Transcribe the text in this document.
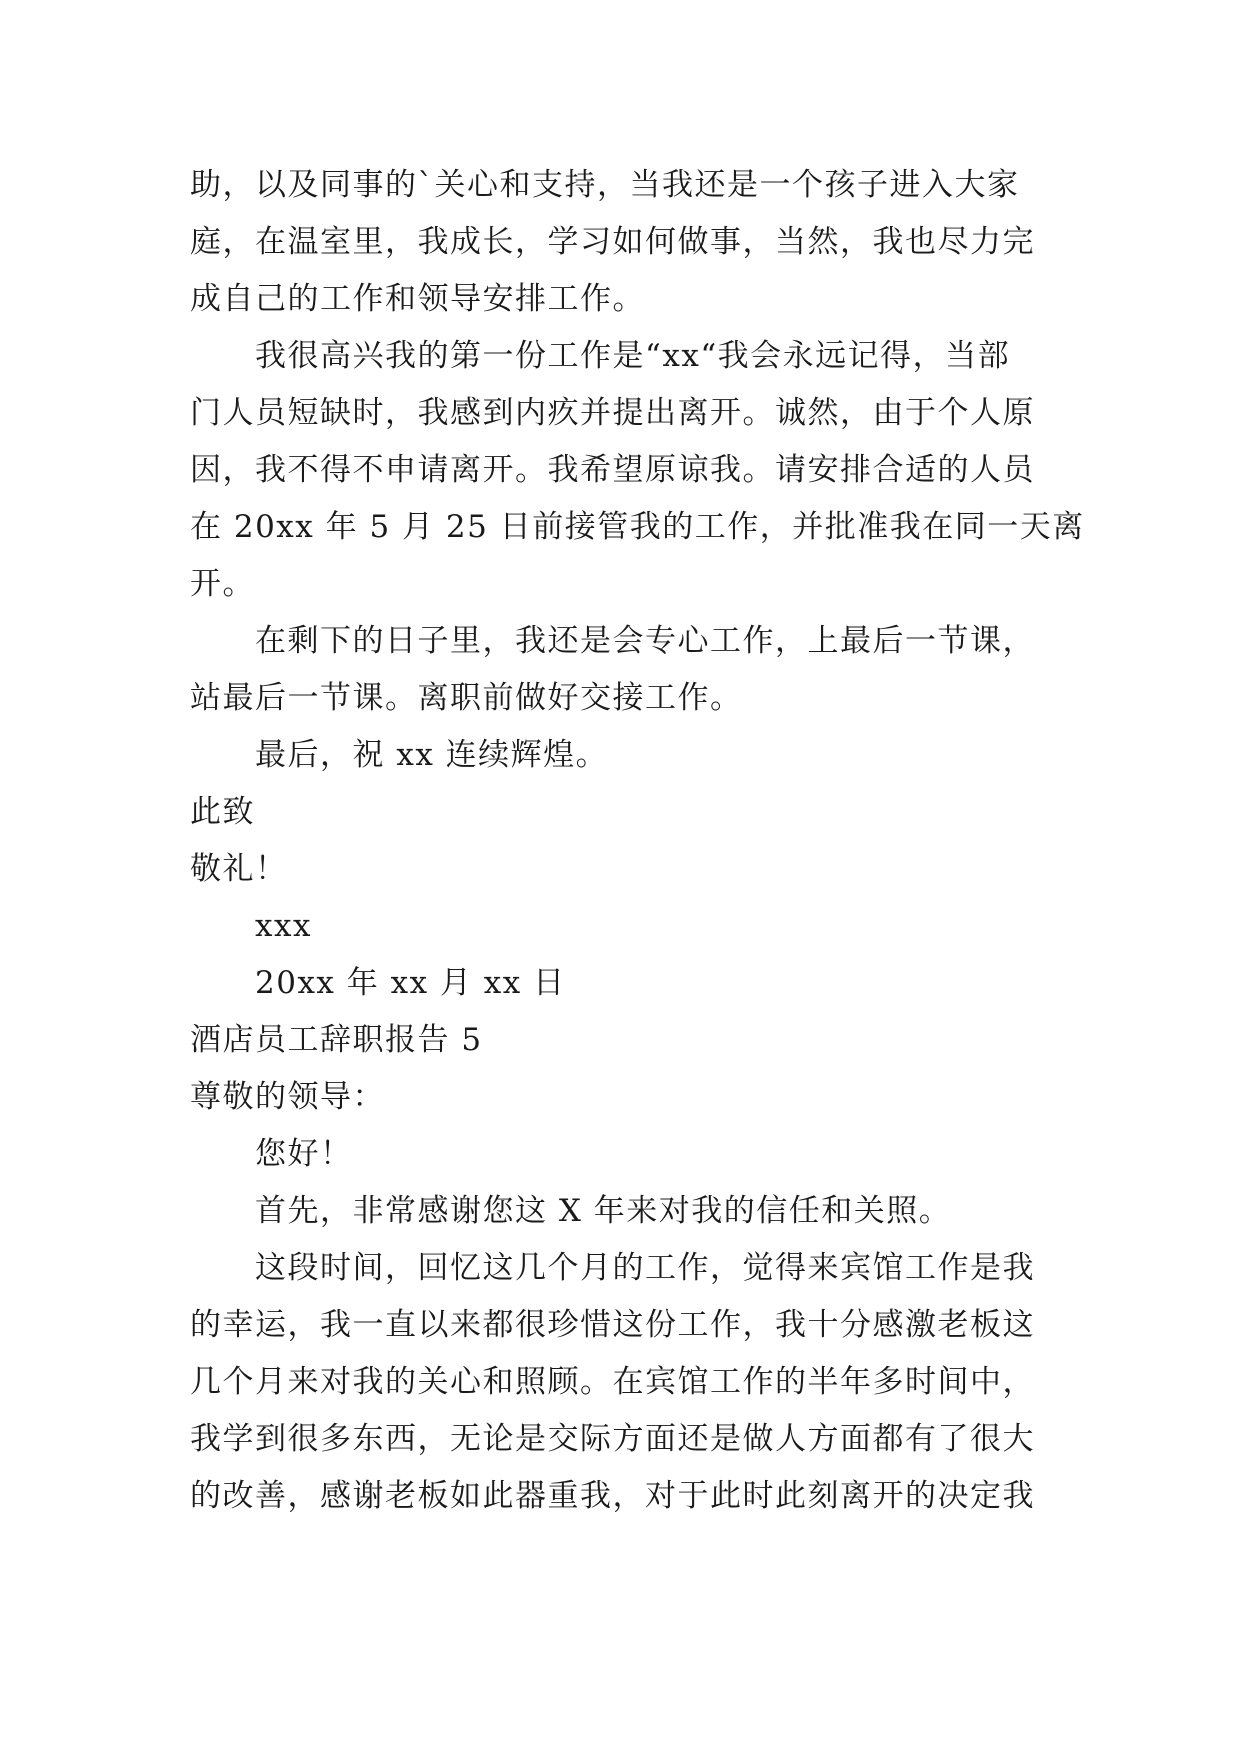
助，以及同事的`关心和支持，当我还是一个孩子进入大家
庭，在温室里，我成长，学习如何做事，当然，我也尽力完
成自己的工作和领导安排工作。
我很高兴我的第一份工作是“xx“我会永远记得，当部
门人员短缺时，我感到内疚并提出离开。诚然，由于个人原
因，我不得不申请离开。我希望原谅我。请安排合适的人员
在 20xx 年 5 月 25 日前接管我的工作，并批准我在同一天离
开。
在剩下的日子里，我还是会专心工作，上最后一节课，
站最后一节课。离职前做好交接工作。
最后，祝 xx 连续辉煌。
此致
敬礼！
xxx
20xx 年 xx 月 xx 日
酒店员工辞职报告 5
尊敬的领导：
您好！
首先，非常感谢您这 X 年来对我的信任和关照。
这段时间，回忆这几个月的工作，觉得来宾馆工作是我
的幸运，我一直以来都很珍惜这份工作，我十分感激老板这
几个月来对我的关心和照顾。在宾馆工作的半年多时间中，
我学到很多东西，无论是交际方面还是做人方面都有了很大
的改善，感谢老板如此器重我，对于此时此刻离开的决定我
